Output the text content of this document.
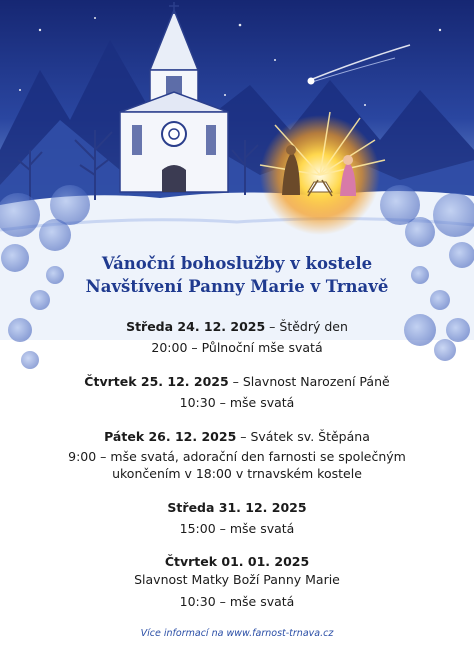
Vánoční bohoslužby v kostele
Navštívení Panny Marie v Trnavě
Středa 24. 12. 2025 – Štědrý den
20:00 – Půlnoční mše svatá
Čtvrtek 25. 12. 2025 – Slavnost Narození Páně
10:30 – mše svatá
Pátek 26. 12. 2025 – Svátek sv. Štěpána
9:00 – mše svatá, adorační den farnosti se společným
ukončením v 18:00 v trnavském kostele
Středa 31. 12. 2025
15:00 – mše svatá
Čtvrtek 01. 01. 2025
Slavnost Matky Boží Panny Marie
10:30 – mše svatá
Více informací na www.farnost-trnava.cz
